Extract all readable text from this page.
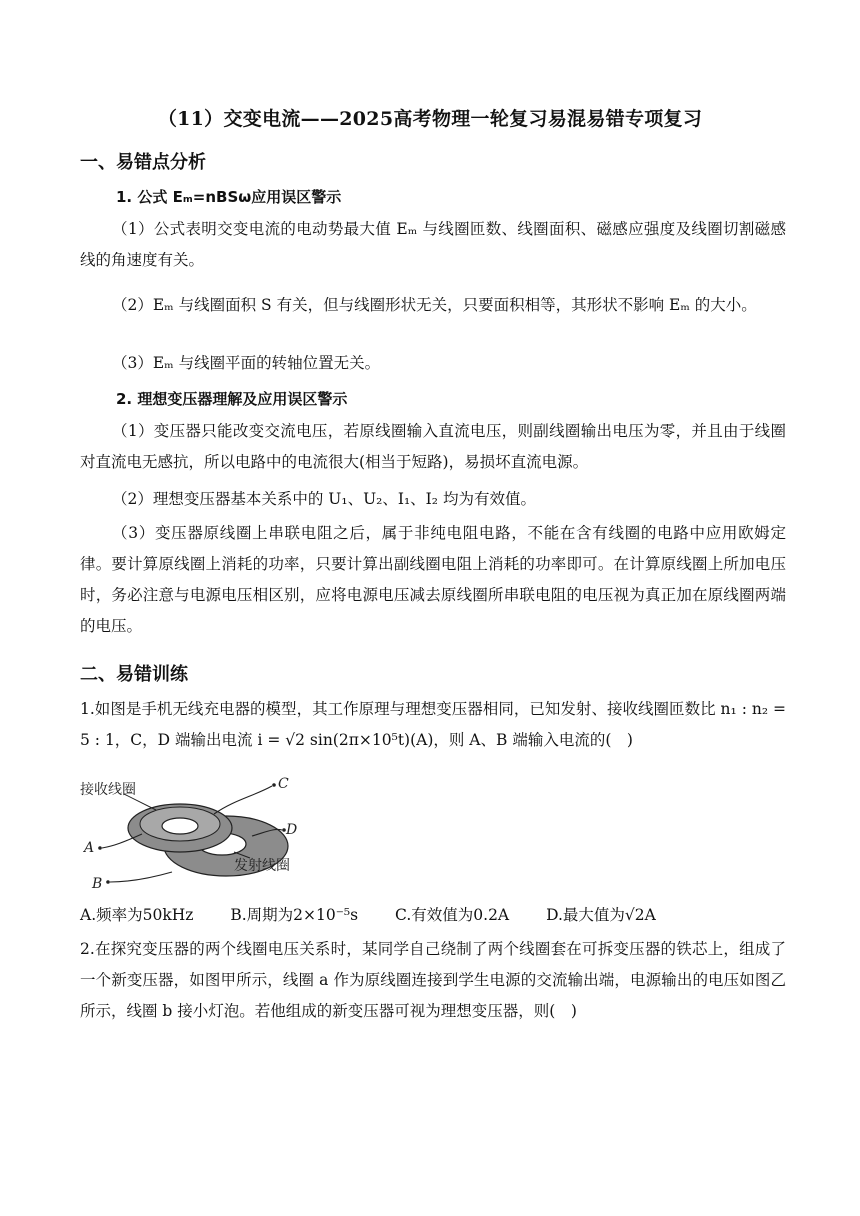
（11）交变电流——2025高考物理一轮复习易混易错专项复习
一、易错点分析
1. 公式 Eₘ=nBSω应用误区警示
（1）公式表明交变电流的电动势最大值 Eₘ 与线圈匝数、线圈面积、磁感应强度及线圈切割磁感线的角速度有关。
（2）Eₘ 与线圈面积 S 有关，但与线圈形状无关，只要面积相等，其形状不影响 Eₘ 的大小。
（3）Eₘ 与线圈平面的转轴位置无关。
2. 理想变压器理解及应用误区警示
（1）变压器只能改变交流电压，若原线圈输入直流电压，则副线圈输出电压为零，并且由于线圈对直流电无感抗，所以电路中的电流很大(相当于短路)，易损坏直流电源。
（2）理想变压器基本关系中的 U₁、U₂、I₁、I₂ 均为有效值。
（3）变压器原线圈上串联电阻之后，属于非纯电阻电路，不能在含有线圈的电路中应用欧姆定律。要计算原线圈上消耗的功率，只要计算出副线圈电阻上消耗的功率即可。在计算原线圈上所加电压时，务必注意与电源电压相区别，应将电源电压减去原线圈所串联电阻的电压视为真正加在原线圈两端的电压。
二、易错训练
1.如图是手机无线充电器的模型，其工作原理与理想变压器相同，已知发射、接收线圈匝数比 n₁ : n₂ = 5 : 1，C，D 端输出电流 i = √2 sin(2π×10⁵t)(A)，则 A、B 端输入电流的(　)
接收线圈
发射线圈
C
D
A
B
A.频率为50kHz B.周期为2×10⁻⁵s C.有效值为0.2A D.最大值为√2A
2.在探究变压器的两个线圈电压关系时，某同学自己绕制了两个线圈套在可拆变压器的铁芯上，组成了一个新变压器，如图甲所示，线圈 a 作为原线圈连接到学生电源的交流输出端，电源输出的电压如图乙所示，线圈 b 接小灯泡。若他组成的新变压器可视为理想变压器，则(　)
